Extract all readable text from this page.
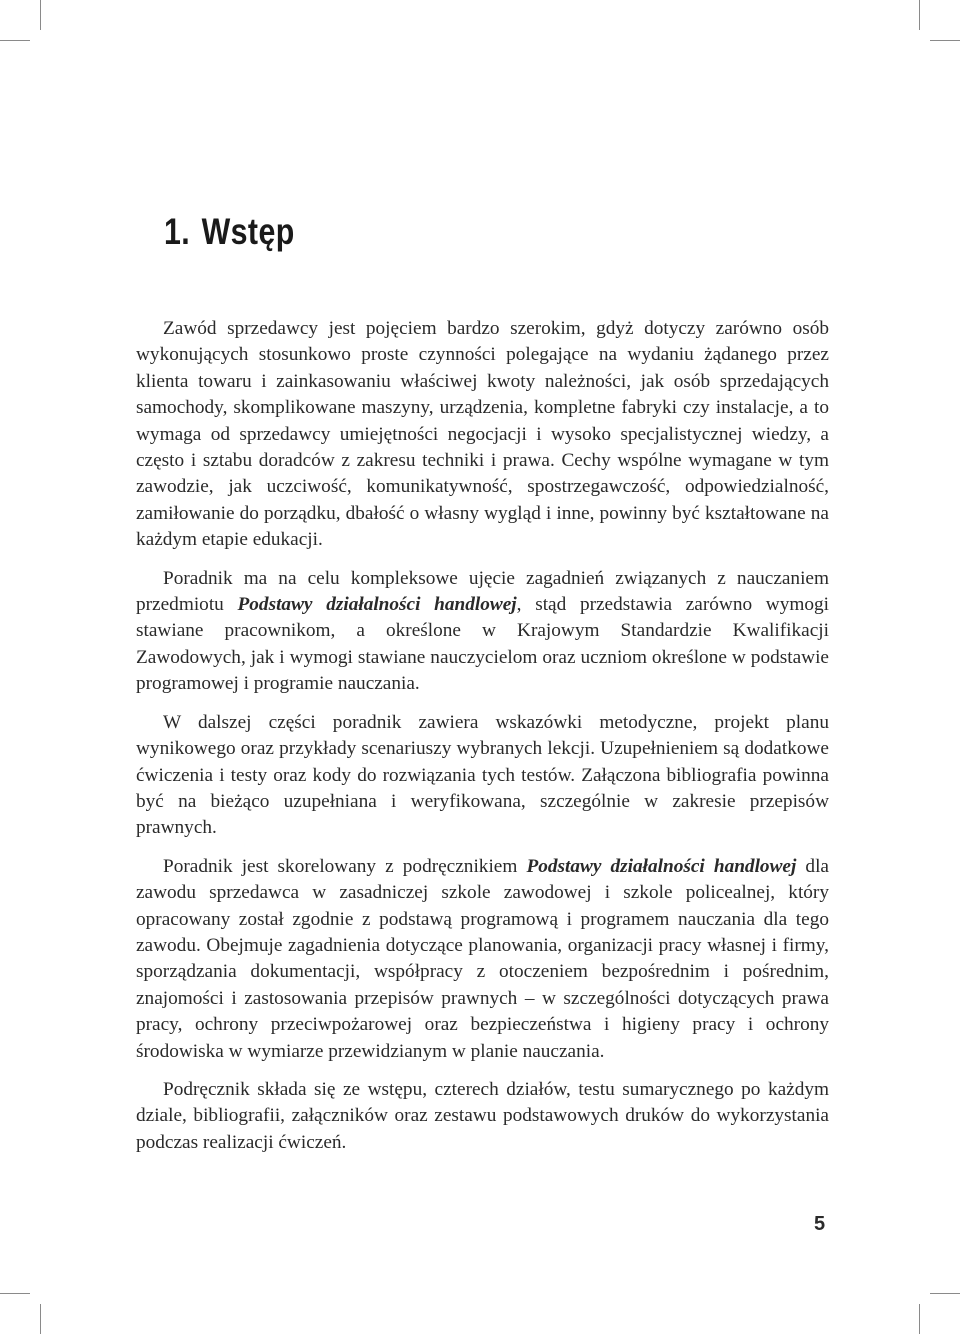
1. Wstęp

Zawód sprzedawcy jest pojęciem bardzo szerokim, gdyż dotyczy zarówno osób wykonujących stosunkowo proste czynności polegające na wydaniu żądanego przez klienta towaru i zainkasowaniu właściwej kwoty należności, jak osób sprzedających samochody, skomplikowane maszyny, urządzenia, kompletne fabryki czy instalacje, a to wymaga od sprzedawcy umiejętności negocjacji i wysoko specjalistycznej wiedzy, a często i sztabu doradców z zakresu techniki i prawa. Cechy wspólne wymagane w tym zawodzie, jak uczciwość, komunikatywność, spostrzegawczość, odpowiedzialność, zamiłowanie do porządku, dbałość o własny wygląd i inne, powinny być kształtowane na każdym etapie edukacji.

Poradnik ma na celu kompleksowe ujęcie zagadnień związanych z nauczaniem przedmiotu Podstawy działalności handlowej, stąd przedstawia zarówno wymogi stawiane pracownikom, a określone w Krajowym Standardzie Kwalifikacji Zawodowych, jak i wymogi stawiane nauczycielom oraz uczniom określone w podstawie programowej i programie nauczania.

W dalszej części poradnik zawiera wskazówki metodyczne, projekt planu wynikowego oraz przykłady scenariuszy wybranych lekcji. Uzupełnieniem są dodatkowe ćwiczenia i testy oraz kody do rozwiązania tych testów. Załączona bibliografia powinna być na bieżąco uzupełniana i weryfikowana, szczególnie w zakresie przepisów prawnych.

Poradnik jest skorelowany z podręcznikiem Podstawy działalności handlowej dla zawodu sprzedawca w zasadniczej szkole zawodowej i szkole policealnej, który opracowany został zgodnie z podstawą programową i programem nauczania dla tego zawodu. Obejmuje zagadnienia dotyczące planowania, organizacji pracy własnej i firmy, sporządzania dokumentacji, współpracy z otoczeniem bezpośrednim i pośrednim, znajomości i zastosowania przepisów prawnych – w szczególności dotyczących prawa pracy, ochrony przeciwpożarowej oraz bezpieczeństwa i higieny pracy i ochrony środowiska w wymiarze przewidzianym w planie nauczania.

Podręcznik składa się ze wstępu, czterech działów, testu sumarycznego po każdym dziale, bibliografii, załączników oraz zestawu podstawowych druków do wykorzystania podczas realizacji ćwiczeń.

5
